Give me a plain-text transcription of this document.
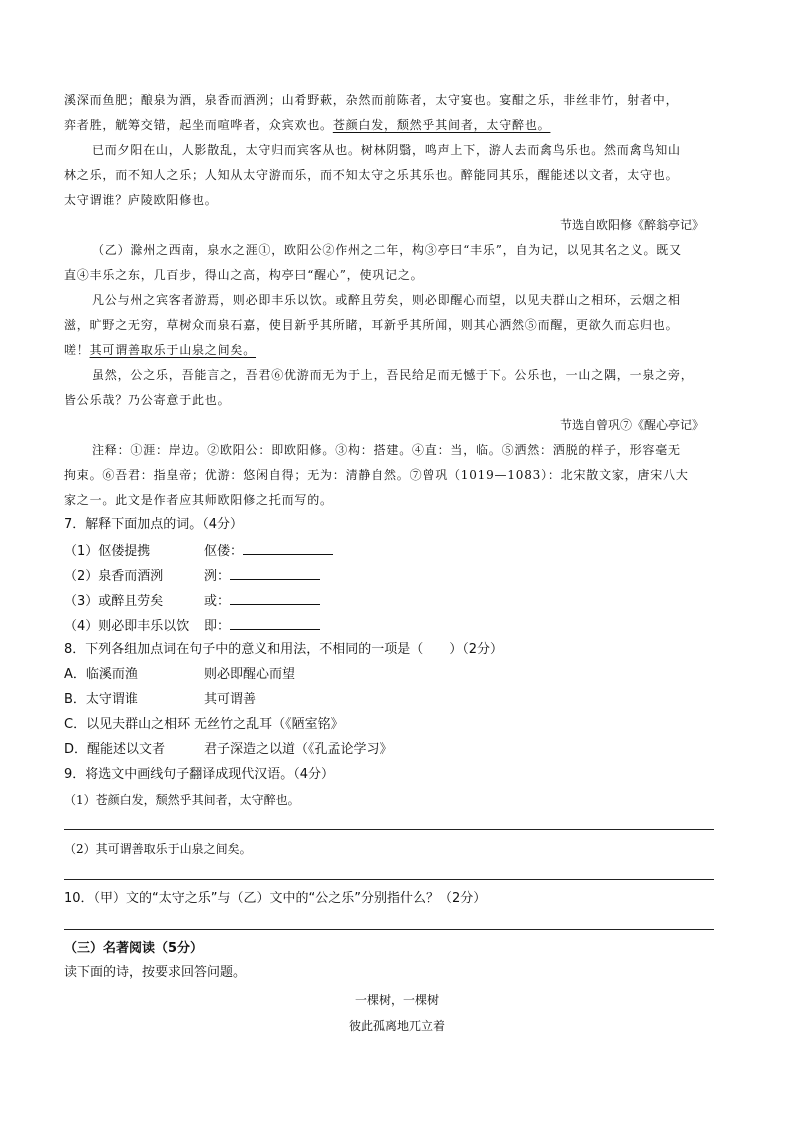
溪深而鱼肥；酿泉为酒，泉香而酒洌；山肴野蔌，杂然而前陈者，太守宴也。宴酣之乐，非丝非竹，射者中，
弈者胜，觥筹交错，起坐而喧哗者，众宾欢也。苍颜白发，颓然乎其间者，太守醉也。
已而夕阳在山，人影散乱，太守归而宾客从也。树林阴翳，鸣声上下，游人去而禽鸟乐也。然而禽鸟知山
林之乐，而不知人之乐；人知从太守游而乐，而不知太守之乐其乐也。醉能同其乐，醒能述以文者，太守也。
太守谓谁？庐陵欧阳修也。
节选自欧阳修《醉翁亭记》
（乙）滁州之西南，泉水之涯①，欧阳公②作州之二年，构③亭曰“丰乐”，自为记，以见其名之义。既又
直④丰乐之东，几百步，得山之高，构亭曰“醒心”，使巩记之。
凡公与州之宾客者游焉，则必即丰乐以饮。或醉且劳矣，则必即醒心而望，以见夫群山之相环，云烟之相
滋，旷野之无穷，草树众而泉石嘉，使目新乎其所睹，耳新乎其所闻，则其心洒然⑤而醒，更欲久而忘归也。
嗟！其可谓善取乐于山泉之间矣。
虽然，公之乐，吾能言之，吾君⑥优游而无为于上，吾民给足而无憾于下。公乐也，一山之隅，一泉之旁，
皆公乐哉？乃公寄意于此也。
节选自曾巩⑦《醒心亭记》
注释：①涯：岸边。②欧阳公：即欧阳修。③构：搭建。④直：当，临。⑤洒然：洒脱的样子，形容毫无
拘束。⑥吾君：指皇帝；优游：悠闲自得；无为：清静自然。⑦曾巩（1019—1083）：北宋散文家，唐宋八大
家之一。此文是作者应其师欧阳修之托而写的。
7．解释下面加点的词。（4分）
（1）伛偻提携	伛偻：
（2）泉香而酒洌	洌：
（3）或醉且劳矣	或：
（4）则必即丰乐以饮 即：
8．下列各组加点词在句子中的意义和用法，不相同的一项是（　　）（2分）
A．临溪而渔	则必即醒心而望
B．太守谓谁	其可谓善
C．以见夫群山之相环 无丝竹之乱耳（《陋室铭》
D．醒能述以文者	君子深造之以道（《孔孟论学习》
9．将选文中画线句子翻译成现代汉语。（4分）
（1）苍颜白发，颓然乎其间者，太守醉也。
（2）其可谓善取乐于山泉之间矣。
10．（甲）文的“太守之乐”与（乙）文中的“公之乐”分别指什么？（2分）
（三）名著阅读（5分）
读下面的诗，按要求回答问题。
一棵树，一棵树
彼此孤离地兀立着
